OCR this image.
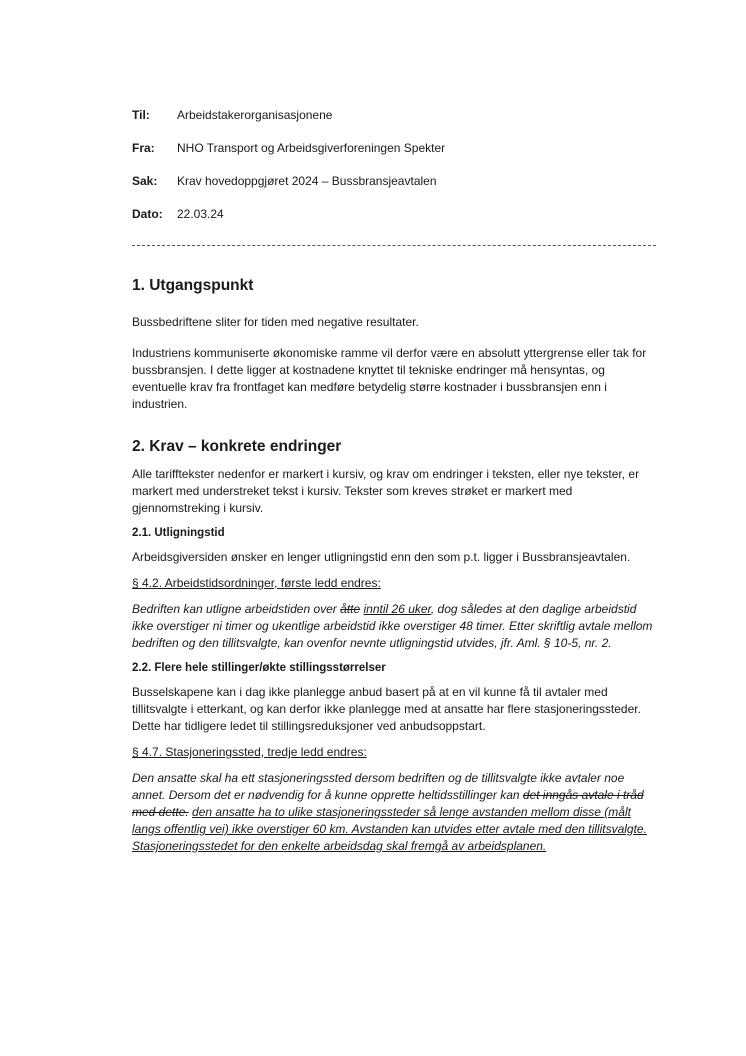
Til: Arbeidstakerorganisasjonene
Fra: NHO Transport og Arbeidsgiverforeningen Spekter
Sak: Krav hovedoppgjøret 2024 – Bussbransjeavtalen
Dato: 22.03.24
1. Utgangspunkt

Bussbedriftene sliter for tiden med negative resultater.

Industriens kommuniserte økonomiske ramme vil derfor være en absolutt yttergrense eller tak for bussbransjen. I dette ligger at kostnadene knyttet til tekniske endringer må hensyntas, og eventuelle krav fra frontfaget kan medføre betydelig større kostnader i bussbransjen enn i industrien.

2. Krav – konkrete endringer

Alle tarifftekster nedenfor er markert i kursiv, og krav om endringer i teksten, eller nye tekster, er markert med understreket tekst i kursiv. Tekster som kreves strøket er markert med gjennomstreking i kursiv.

2.1. Utligningstid

Arbeidsgiversiden ønsker en lenger utligningstid enn den som p.t. ligger i Bussbransjeavtalen.

§ 4.2. Arbeidstidsordninger, første ledd endres:

Bedriften kan utligne arbeidstiden over åtte inntil 26 uker, dog således at den daglige arbeidstid ikke overstiger ni timer og ukentlige arbeidstid ikke overstiger 48 timer. Etter skriftlig avtale mellom bedriften og den tillitsvalgte, kan ovenfor nevnte utligningstid utvides, jfr. Aml. § 10-5, nr. 2.

2.2. Flere hele stillinger/økte stillingsstørrelser

Busselskapene kan i dag ikke planlegge anbud basert på at en vil kunne få til avtaler med tillitsvalgte i etterkant, og kan derfor ikke planlegge med at ansatte har flere stasjoneringssteder. Dette har tidligere ledet til stillingsreduksjoner ved anbudsoppstart.

§ 4.7. Stasjoneringssted, tredje ledd endres:

Den ansatte skal ha ett stasjoneringssted dersom bedriften og de tillitsvalgte ikke avtaler noe annet. Dersom det er nødvendig for å kunne opprette heltidsstillinger kan det inngås avtale i tråd med dette. den ansatte ha to ulike stasjoneringssteder så lenge avstanden mellom disse (målt langs offentlig vei) ikke overstiger 60 km. Avstanden kan utvides etter avtale med den tillitsvalgte. Stasjoneringsstedet for den enkelte arbeidsdag skal fremgå av arbeidsplanen.
